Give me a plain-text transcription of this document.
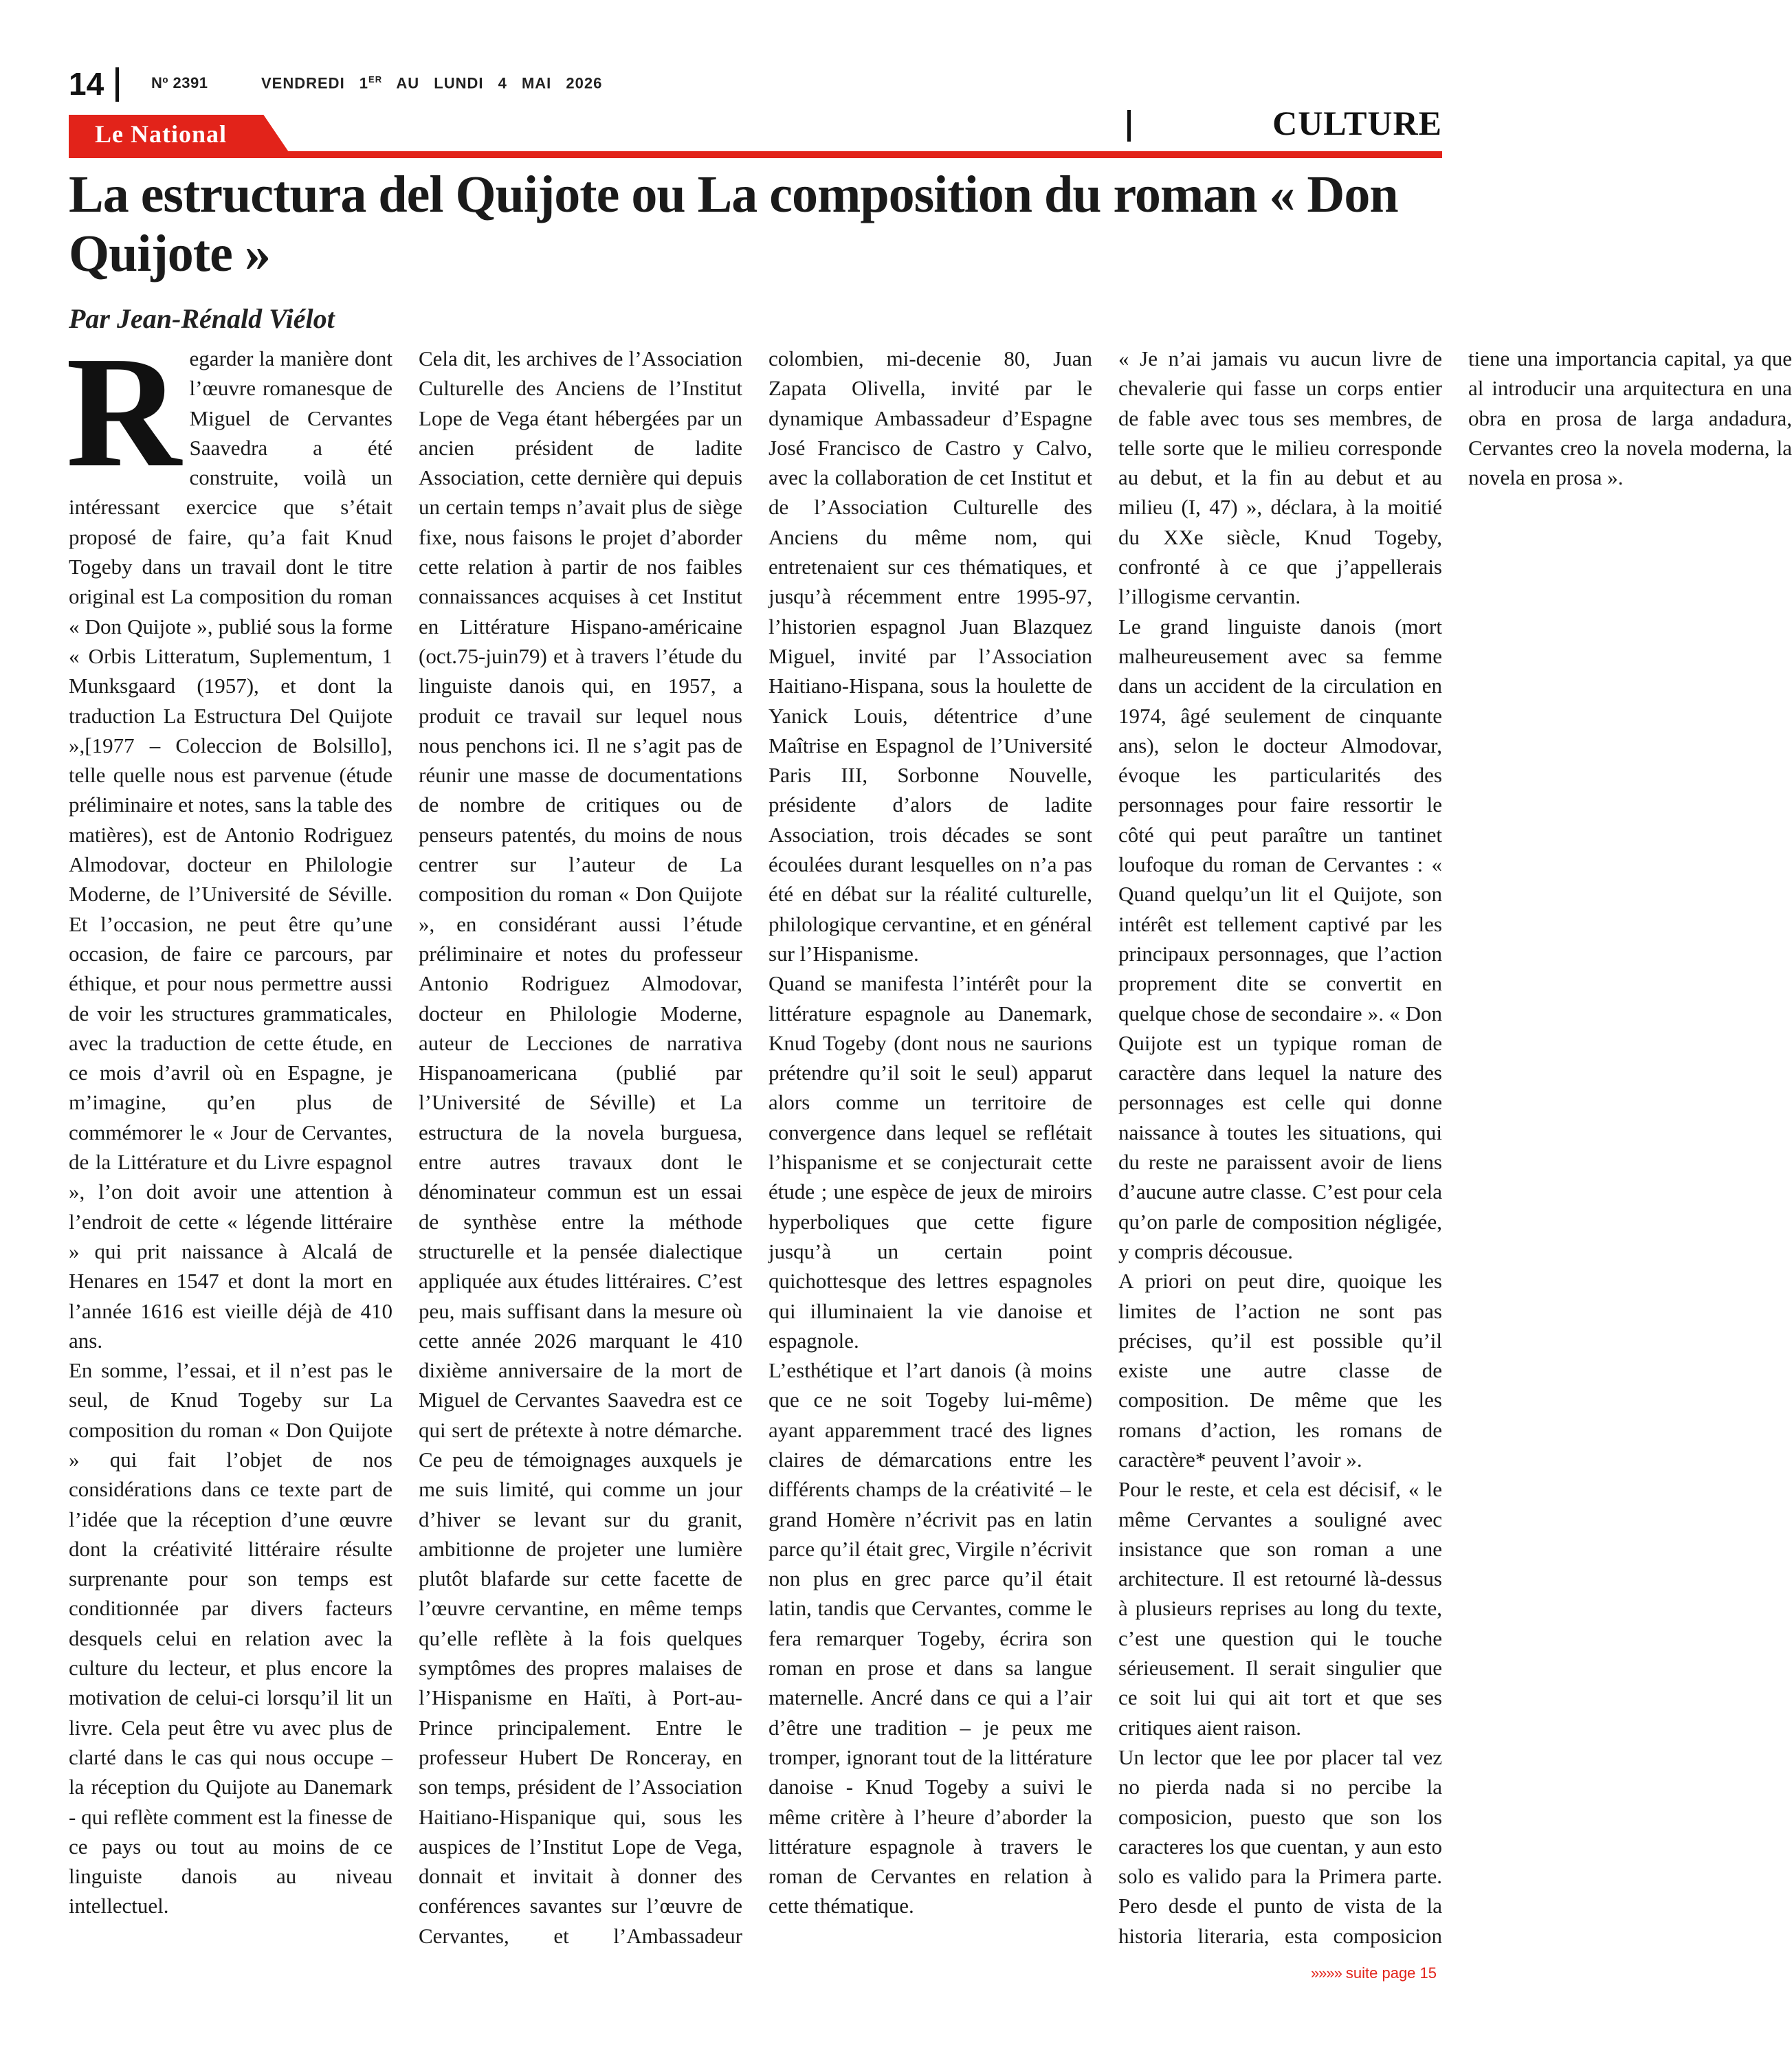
14	Nº 2391	VENDREDI 1ER AU LUNDI 4 MAI 2026
CULTURE
Le National
La estructura del Quijote ou La composition du roman « Don Quijote »
Par Jean-Rénald Viélot

Regarder la manière dont l’œuvre romanesque de Miguel de Cervantes Saavedra a été construite, voilà un intéressant exercice que s’était proposé de faire, qu’a fait Knud Togeby dans un travail dont le titre original est La composition du roman « Don Quijote », publié sous la forme « Orbis Litteratum, Suplementum, 1 Munksgaard (1957), et dont la traduction La Estructura Del Quijote »,[1977 – Coleccion de Bolsillo], telle quelle nous est parvenue (étude préliminaire et notes, sans la table des matières), est de Antonio Rodriguez Almodovar, docteur en Philologie Moderne, de l’Université de Séville. Et l’occasion, ne peut être qu’une occasion, de faire ce parcours, par éthique, et pour nous permettre aussi de voir les structures grammaticales, avec la traduction de cette étude, en ce mois d’avril où en Espagne, je m’imagine, qu’en plus de commémorer le « Jour de Cervantes, de la Littérature et du Livre espagnol », l’on doit avoir une attention à l’endroit de cette « légende littéraire » qui prit naissance à Alcalá de Henares en 1547 et dont la mort en l’année 1616 est vieille déjà de 410 ans.

En somme, l’essai, et il n’est pas le seul, de Knud Togeby sur La composition du roman « Don Quijote » qui fait l’objet de nos considérations dans ce texte part de l’idée que la réception d’une œuvre dont la créativité littéraire résulte surprenante pour son temps est conditionnée par divers facteurs desquels celui en relation avec la culture du lecteur, et plus encore la motivation de celui-ci lorsqu’il lit un livre. Cela peut être vu avec plus de clarté dans le cas qui nous occupe – la réception du Quijote au Danemark - qui reflète comment est la finesse de ce pays ou tout au moins de ce linguiste danois au niveau intellectuel.

Cela dit, les archives de l’Association Culturelle des Anciens de l’Institut Lope de Vega étant hébergées par un ancien président de ladite Association, cette dernière qui depuis un certain temps n’avait plus de siège fixe, nous faisons le projet d’aborder cette relation à partir de nos faibles connaissances acquises à cet Institut en Littérature Hispano-américaine (oct.75-juin79) et à travers l’étude du linguiste danois qui, en 1957, a produit ce travail sur lequel nous nous penchons ici. Il ne s’agit pas de réunir une masse de documentations de nombre de critiques ou de penseurs patentés, du moins de nous centrer sur l’auteur de La composition du roman « Don Quijote », en considérant aussi l’étude préliminaire et notes du professeur Antonio Rodriguez Almodovar, docteur en Philologie Moderne, auteur de Lecciones de narrativa Hispanoamericana (publié par l’Université de Séville) et La estructura de la novela burguesa, entre autres travaux dont le dénominateur commun est un essai de synthèse entre la méthode structurelle et la pensée dialectique appliquée aux études littéraires. C’est peu, mais suffisant dans la mesure où cette année 2026 marquant le 410 dixième anniversaire de la mort de Miguel de Cervantes Saavedra est ce qui sert de prétexte à notre démarche. Ce peu de témoignages auxquels je me suis limité, qui comme un jour d’hiver se levant sur du granit, ambitionne de projeter une lumière plutôt blafarde sur cette facette de l’œuvre cervantine, en même temps qu’elle reflète à la fois quelques symptômes des propres malaises de l’Hispanisme en Haïti, à Port-au-Prince principalement. Entre le professeur Hubert De Ronceray, en son temps, président de l’Association Haitiano-Hispanique qui, sous les auspices de l’Institut Lope de Vega, donnait et invitait à donner des conférences savantes sur l’œuvre de Cervantes, et l’Ambassadeur colombien, mi-decenie 80, Juan Zapata Olivella, invité par le dynamique Ambassadeur d’Espagne José Francisco de Castro y Calvo, avec la collaboration de cet Institut et de l’Association Culturelle des Anciens du même nom, qui entretenaient sur ces thématiques, et jusqu’à récemment entre 1995-97, l’historien espagnol Juan Blazquez Miguel, invité par l’Association Haitiano-Hispana, sous la houlette de Yanick Louis, détentrice d’une Maîtrise en Espagnol de l’Université Paris III, Sorbonne Nouvelle, présidente d’alors de ladite Association, trois décades se sont écoulées durant lesquelles on n’a pas été en débat sur la réalité culturelle, philologique cervantine, et en général sur l’Hispanisme.

Quand se manifesta l’intérêt pour la littérature espagnole au Danemark, Knud Togeby (dont nous ne saurions prétendre qu’il soit le seul) apparut alors comme un territoire de convergence dans lequel se reflétait l’hispanisme et se conjecturait cette étude ; une espèce de jeux de miroirs hyperboliques que cette figure jusqu’à un certain point quichottesque des lettres espagnoles qui illuminaient la vie danoise et espagnole.

L’esthétique et l’art danois (à moins que ce ne soit Togeby lui-même) ayant apparemment tracé des lignes claires de démarcations entre les différents champs de la créativité – le grand Homère n’écrivit pas en latin parce qu’il était grec, Virgile n’écrivit non plus en grec parce qu’il était latin, tandis que Cervantes, comme le fera remarquer Togeby, écrira son roman en prose et dans sa langue maternelle. Ancré dans ce qui a l’air d’être une tradition – je peux me tromper, ignorant tout de la littérature danoise - Knud Togeby a suivi le même critère à l’heure d’aborder la littérature espagnole à travers le roman de Cervantes en relation à cette thématique.

« Je n’ai jamais vu aucun livre de chevalerie qui fasse un corps entier de fable avec tous ses membres, de telle sorte que le milieu corresponde au debut, et la fin au debut et au milieu (I, 47) », déclara, à la moitié du XXe siècle, Knud Togeby, confronté à ce que j’appellerais l’illogisme cervantin.

Le grand linguiste danois (mort malheureusement avec sa femme dans un accident de la circulation en 1974, âgé seulement de cinquante ans), selon le docteur Almodovar, évoque les particularités des personnages pour faire ressortir le côté qui peut paraître un tantinet loufoque du roman de Cervantes : « Quand quelqu’un lit el Quijote, son intérêt est tellement captivé par les principaux personnages, que l’action proprement dite se convertit en quelque chose de secondaire ». « Don Quijote est un typique roman de caractère dans lequel la nature des personnages est celle qui donne naissance à toutes les situations, qui du reste ne paraissent avoir de liens d’aucune autre classe. C’est pour cela qu’on parle de composition négligée, y compris décousue.

A priori on peut dire, quoique les limites de l’action ne sont pas précises, qu’il est possible qu’il existe une autre classe de composition. De même que les romans d’action, les romans de caractère* peuvent l’avoir ».

Pour le reste, et cela est décisif, « le même Cervantes a souligné avec insistance que son roman a une architecture. Il est retourné là-dessus à plusieurs reprises au long du texte, c’est une question qui le touche sérieusement. Il serait singulier que ce soit lui qui ait tort et que ses critiques aient raison.

Un lector que lee por placer tal vez no pierda nada si no percibe la composicion, puesto que son los caracteres los que cuentan, y aun esto solo es valido para la Primera parte. Pero desde el punto de vista de la historia literaria, esta composicion tiene una importancia capital, ya que al introducir una arquitectura en una obra en prosa de larga andadura, Cervantes creo la novela moderna, la novela en prosa ».

»»»» suite page 15
